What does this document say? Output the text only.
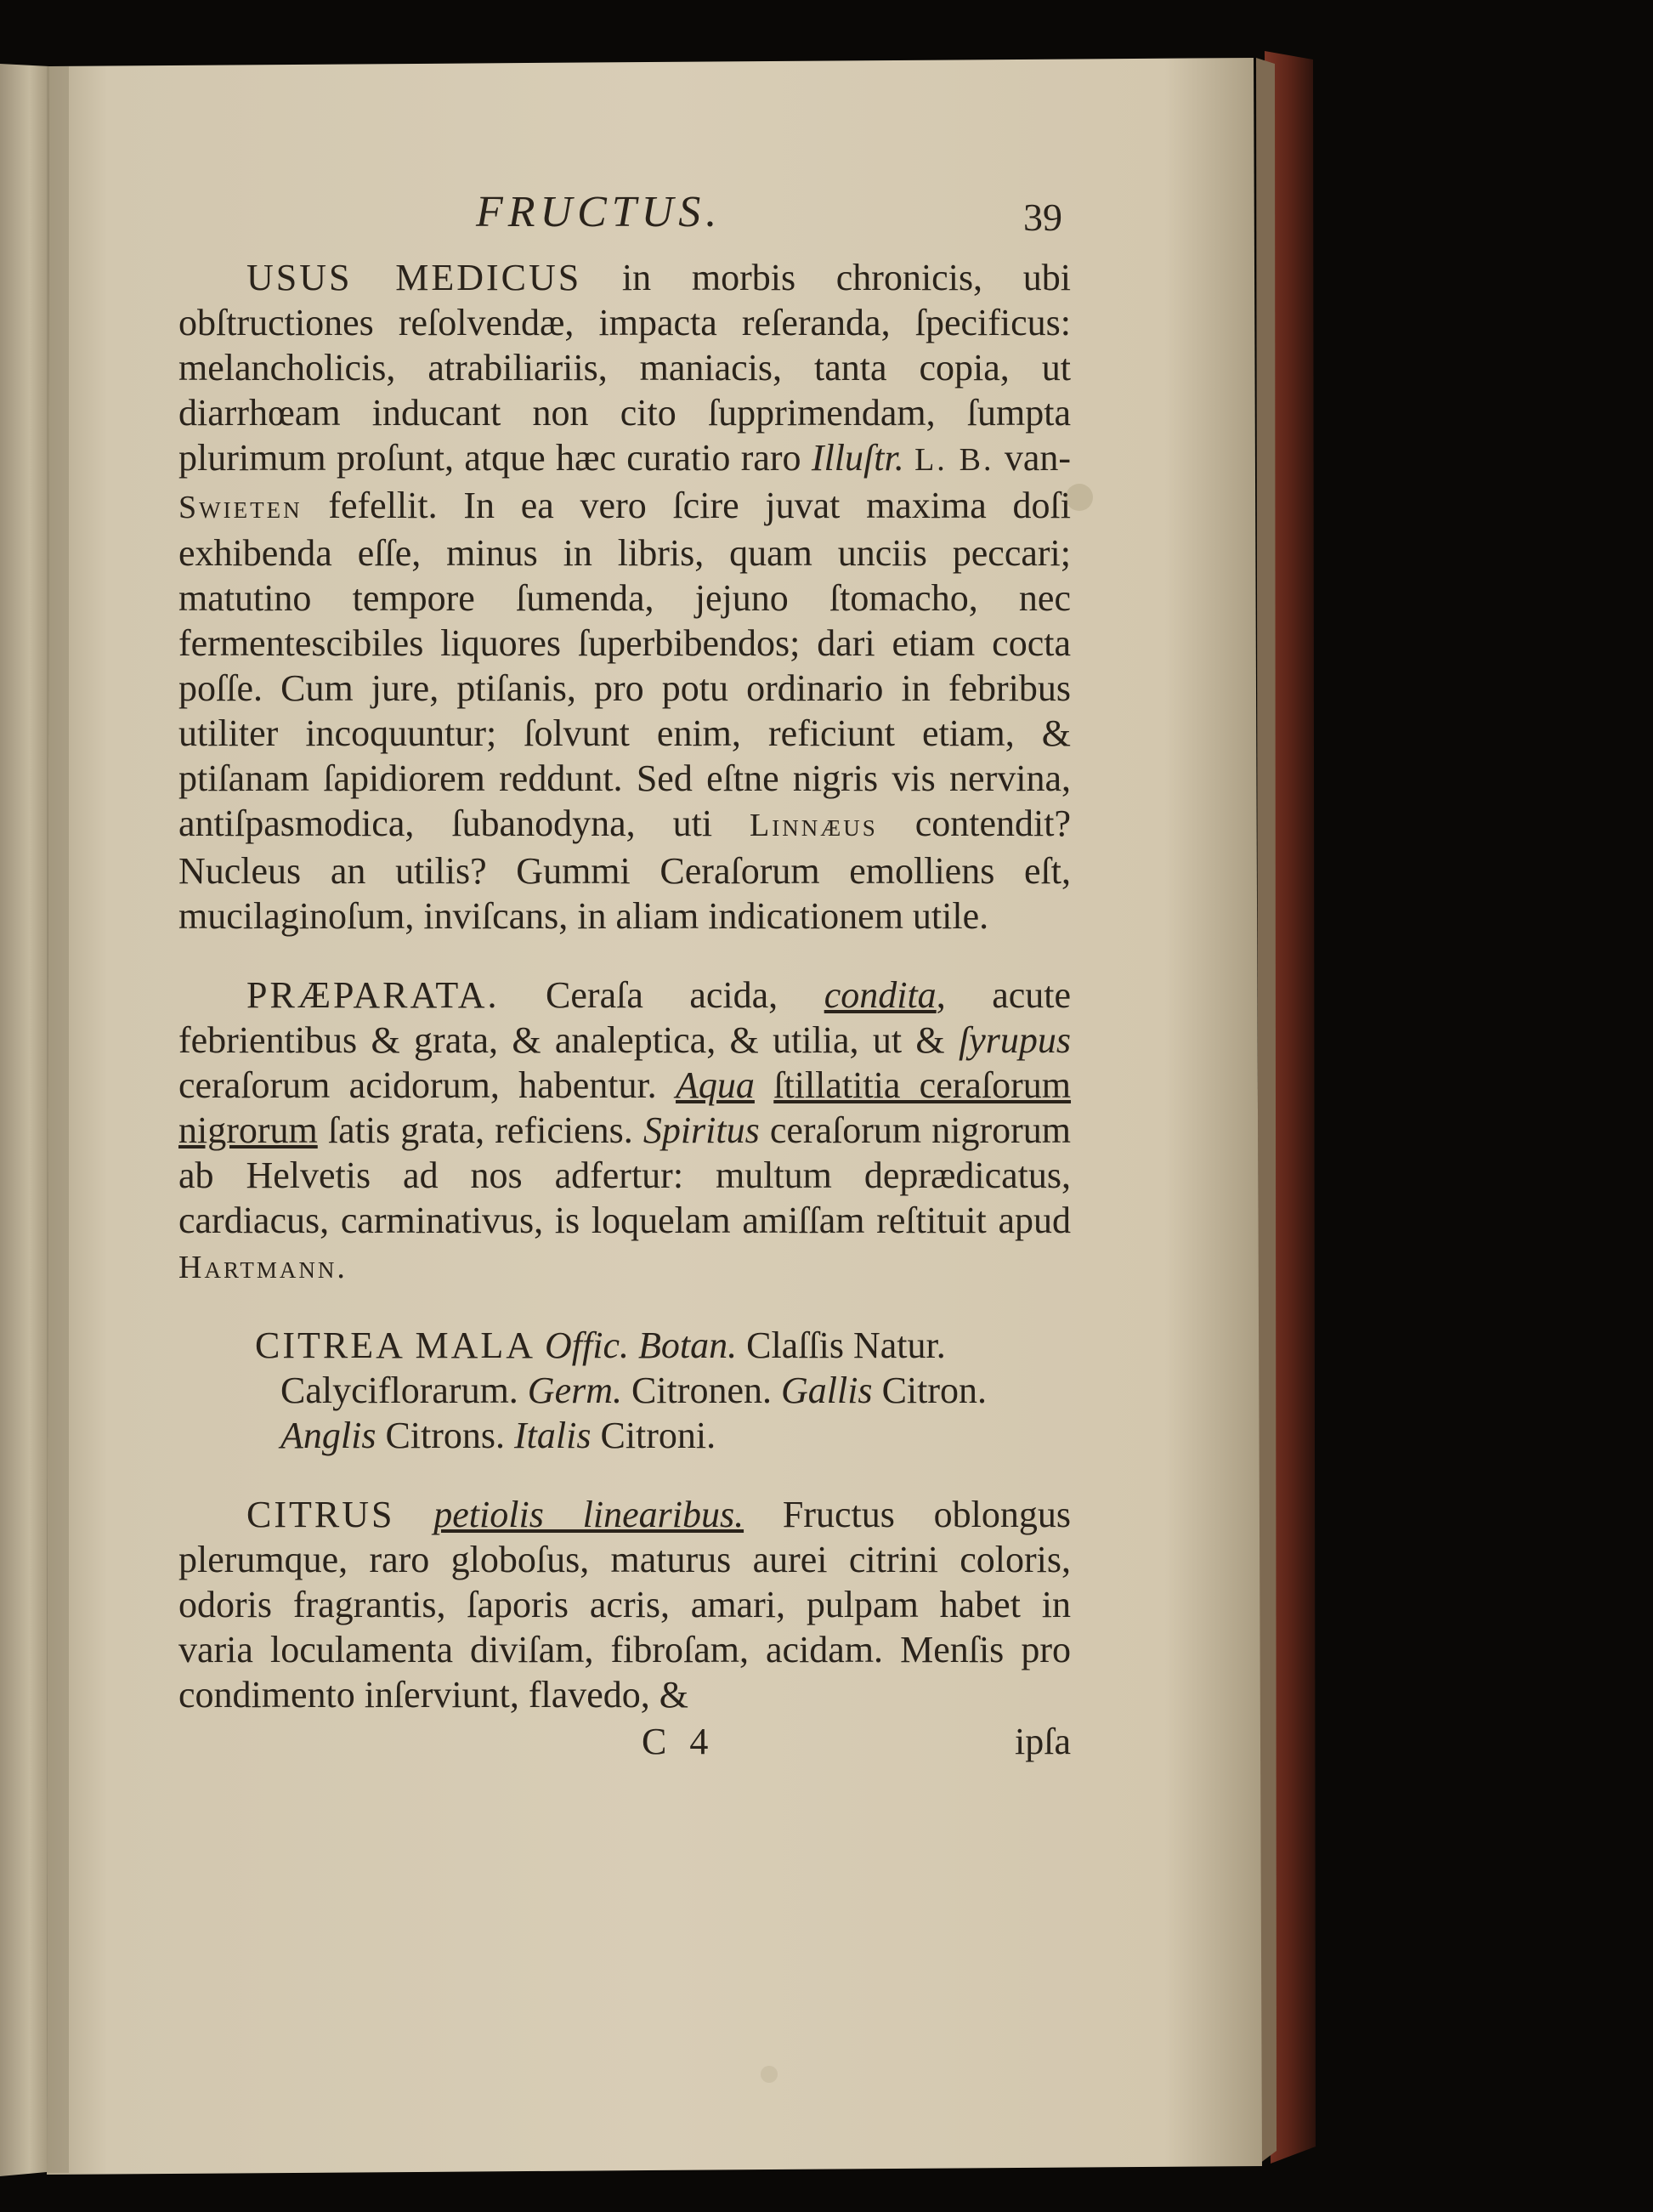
FRUCTUS.	39

USUS MEDICUS in morbis chronicis, ubi obſtructiones reſolvendæ, impacta reſeranda, ſpecificus: melancholicis, atrabiliariis, maniacis, tanta copia, ut diarrhœam inducant non cito ſupprimendam, ſumpta plurimum proſunt, atque hæc curatio raro Illuſtr. L. B. van-Swieten fefellit. In ea vero ſcire juvat maxima doſi exhibenda eſſe, minus in libris, quam unciis peccari; matutino tempore ſumenda, jejuno ſtomacho, nec fermentescibiles liquores ſuperbibendos; dari etiam cocta poſſe. Cum jure, ptiſanis, pro potu ordinario in febribus utiliter incoquuntur; ſolvunt enim, reficiunt etiam, & ptiſanam ſapidiorem reddunt. Sed eſtne nigris vis nervina, antiſpasmodica, ſubanodyna, uti Linnæus contendit? Nucleus an utilis? Gummi Ceraſorum emolliens eſt, mucilaginoſum, inviſcans, in aliam indicationem utile.

PRÆPARATA. Ceraſa acida, condita, acute febrientibus & grata, & analeptica, & utilia, ut & ſyrupus ceraſorum acidorum, habentur. Aqua ſtillatitia ceraſorum nigrorum ſatis grata, reficiens. Spiritus ceraſorum nigrorum ab Helvetis ad nos adfertur: multum deprædicatus, cardiacus, carminativus, is loquelam amiſſam reſtituit apud Hartmann.

CITREA MALA Offic. Botan. Claſſis Natur. Calyciflorarum. Germ. Citronen. Gallis Citron. Anglis Citrons. Italis Citroni.

CITRUS petiolis linearibus. Fructus oblongus plerumque, raro globoſus, maturus aurei citrini coloris, odoris fragrantis, ſaporis acris, amari, pulpam habet in varia loculamenta diviſam, fibroſam, acidam. Menſis pro condimento inſerviunt, flavedo, &

C 4	ipſa
